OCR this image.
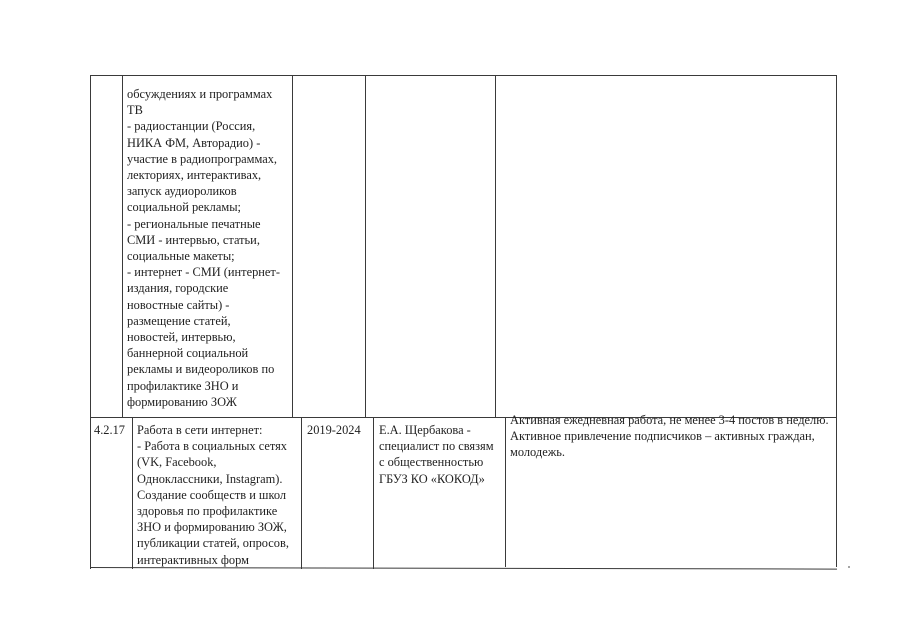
обсуждениях и программах
ТВ
- радиостанции (Россия,
НИКА ФМ, Авторадио) -
участие в радиопрограммах,
лекториях, интерактивах,
запуск аудиороликов
социальной рекламы;
- региональные печатные
СМИ - интервью, статьи,
социальные макеты;
- интернет - СМИ (интернет-
издания, городские
новостные сайты) -
размещение статей,
новостей, интервью,
баннерной социальной
рекламы и видеороликов по
профилактике ЗНО и
формированию ЗОЖ
4.2.17 Работа в сети интернет:
- Работа в социальных сетях
(VK, Facebook,
Одноклассники, Instagram).
Создание сообществ и школ
здоровья по профилактике
ЗНО и формированию ЗОЖ,
публикации статей, опросов,
интерактивных форм
2019-2024	Е.А. Щербакова -
специалист по связям
с общественностью
ГБУЗ КО «КОКОД»
Активная ежедневная работа, не менее 3-4 постов в неделю.
Активное привлечение подписчиков – активных граждан,
молодежь.
